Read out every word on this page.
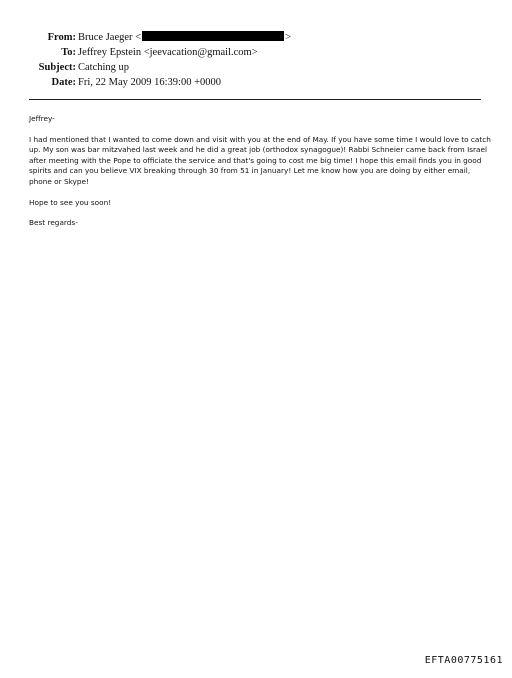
From: Bruce Jaeger <	>
To: Jeffrey Epstein <jeevacation@gmail.com>
Subject: Catching up
Date: Fri, 22 May 2009 16:39:00 +0000

Jeffrey-

I had mentioned that I wanted to come down and visit with you at the end of May. If you have some time I would love to catch up. My son was bar mitzvahed last week and he did a great job (orthodox synagogue)! Rabbi Schneier came back from Israel after meeting with the Pope to officiate the service and that's going to cost me big time! I hope this email finds you in good spirits and can you believe VIX breaking through 30 from 51 in January! Let me know how you are doing by either email, phone or Skype!

Hope to see you soon!

Best regards-

EFTA00775161
